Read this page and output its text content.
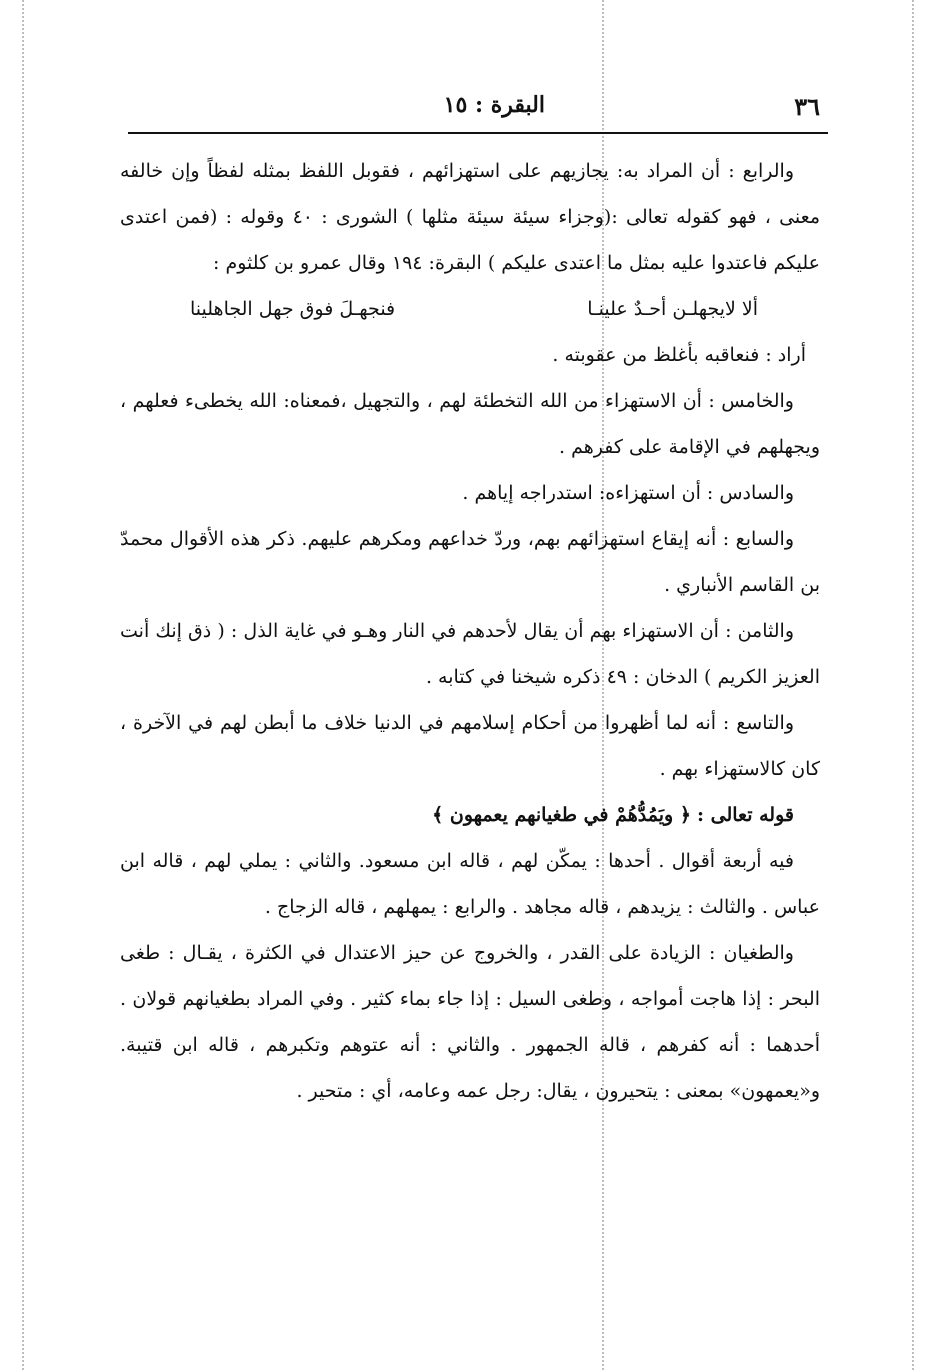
٣٦
البقرة : ١٥

والرابع : أن المراد به: يجازيهم على استهزائهم ، فقوبل اللفظ بمثله لفظاً وإن خالفه معنى ، فهو كقوله تعالى :(وجزاء سيئة سيئة مثلها ) الشورى : ٤٠ وقوله : (فمن اعتدى عليكم فاعتدوا عليه بمثل ما اعتدى عليكم ) البقرة: ١٩٤ وقال عمرو بن كلثوم :

ألا لايجهلـن أحـدٌ علينـا
فنجهـلَ فوق جهل الجاهلينا

أراد : فنعاقبه بأغلظ من عقوبته .

والخامس : أن الاستهزاء من الله التخطئة لهم ، والتجهيل ،فمعناه: الله يخطىء فعلهم ، ويجهلهم في الإقامة على كفرهم .

والسادس : أن استهزاءه: استدراجه إياهم .

والسابع : أنه إيقاع استهزائهم بهم، وردّ خداعهم ومكرهم عليهم. ذكر هذه الأقوال محمدّ بن القاسم الأنباري .

والثامن : أن الاستهزاء بهم أن يقال لأحدهم في النار وهـو في غاية الذل : ( ذق إنك أنت العزيز الكريم ) الدخان : ٤٩ ذكره شيخنا في كتابه .

والتاسع : أنه لما أظهروا من أحكام إسلامهم في الدنيا خلاف ما أبطن لهم في الآخرة ، كان كالاستهزاء بهم .

قوله تعالى : ﴿ ويَمُدُّهُمْ في طغيانهم يعمهون ﴾

فيه أربعة أقوال . أحدها : يمكّن لهم ، قاله ابن مسعود. والثاني : يملي لهم ، قاله ابن عباس . والثالث : يزيدهم ، قاله مجاهد . والرابع : يمهلهم ، قاله الزجاج .

والطغيان : الزيادة على القدر ، والخروج عن حيز الاعتدال في الكثرة ، يقـال : طغى البحر : إذا هاجت أمواجه ، وطغى السيل : إذا جاء بماء كثير . وفي المراد بطغيانهم قولان . أحدهما : أنه كفرهم ، قاله الجمهور . والثاني : أنه عتوهم وتكبرهم ، قاله ابن قتيبة. و«يعمهون» بمعنى : يتحيرون ، يقال: رجل عمه وعامه، أي : متحير .
